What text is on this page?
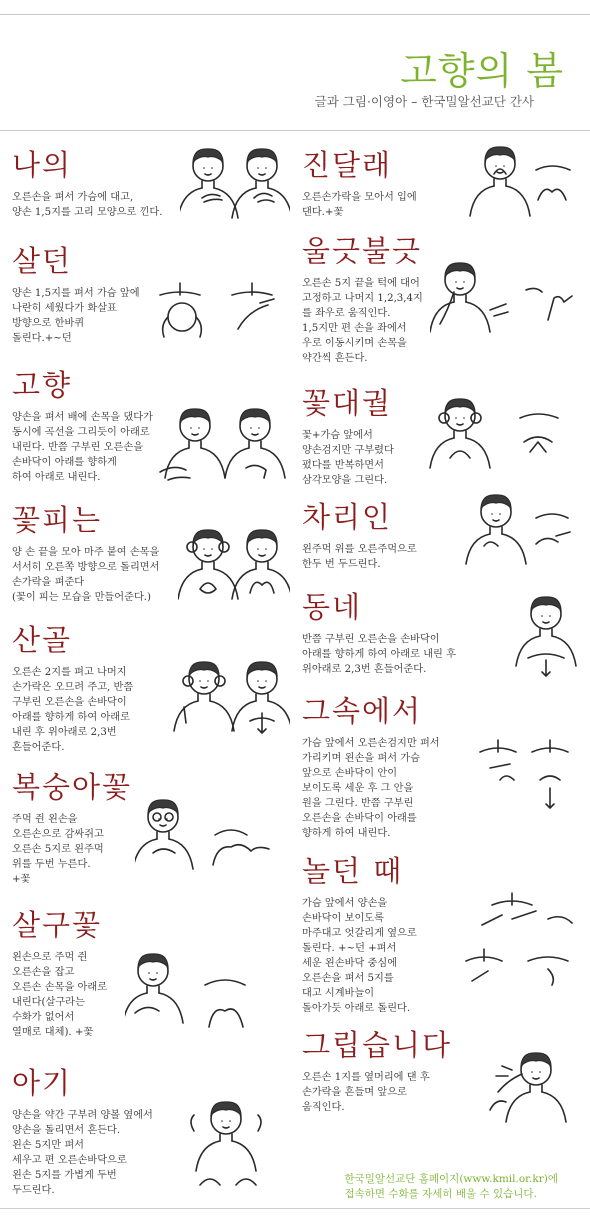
고향의 봄
글과 그림·이영아 – 한국밀알선교단 간사
나의
오른손을 펴서 가슴에 대고,
양손 1,5지를 고리 모양으로 낀다.
살던
양손 1,5지를 펴서 가슴 앞에
나란히 세웠다가 화살표
방향으로 한바퀴
돌린다.+~던
고향
양손을 펴서 배에 손목을 댔다가
동시에 곡선을 그리듯이 아래로
내린다. 반쯤 구부린 오른손을
손바닥이 아래를 향하게
하여 아래로 내린다.
꽃피는
양 손 끝을 모아 마주 붙여 손목을
서서히 오른쪽 방향으로 돌리면서
손가락을 펴준다
(꽃이 피는 모습을 만들어준다.)
산골
오른손 2지를 펴고 나머지
손가락은 오므려 주고, 반쯤
구부린 오른손을 손바닥이
아래를 향하게 하여 아래로
내린 후 위아래로 2,3번
흔들어준다.
복숭아꽃
주먹 쥔 왼손을
오른손으로 감싸쥐고
오른손 5지로 왼주먹
위를 두번 누른다.
+꽃
살구꽃
왼손으로 주먹 쥔
오른손을 잡고
오른손 손목을 아래로
내린다(살구라는
수화가 없어서
열매로 대체). +꽃
아기
양손을 약간 구부려 양볼 옆에서
양손을 돌리면서 흔든다.
왼손 5지만 펴서
세우고 편 오른손바닥으로
왼손 5지를 가볍게 두번
두드린다.
진달래
오른손가락을 모아서 입에
댄다.+꽃
울긋불긋
오른손 5지 끝을 턱에 대어
고정하고 나머지 1,2,3,4지
를 좌우로 움직인다.
1,5지만 편 손을 좌에서
우로 이동시키며 손목을
약간씩 흔든다.
꽃대궐
꽃+가슴 앞에서
양손검지만 구부렸다
폈다를 반복하면서
삼각모양을 그린다.
차리인
왼주먹 위를 오른주먹으로
한두 번 두드린다.
동네
반쯤 구부린 오른손을 손바닥이
아래를 향하게 하여 아래로 내린 후
위아래로 2,3번 흔들어준다.
그속에서
가슴 앞에서 오른손검지만 펴서
가리키며 왼손을 펴서 가슴
앞으로 손바닥이 안이
보이도록 세운 후 그 안을
원을 그린다. 반쯤 구부린
오른손을 손바닥이 아래를
향하게 하여 내린다.
놀던 때
가슴 앞에서 양손을
손바닥이 보이도록
마주대고 엇갈리게 옆으로
돌린다. +~던 +펴서
세운 왼손바닥 중심에
오른손을 펴서 5지를
대고 시계바늘이
돌아가듯 아래로 돌린다.
그립습니다
오른손 1지를 옆머리에 댄 후
손가락을 흔들며 앞으로
움직인다.
한국밀알선교단 홈페이지(www.kmil.or.kr)에
접속하면 수화를 자세히 배울 수 있습니다.
